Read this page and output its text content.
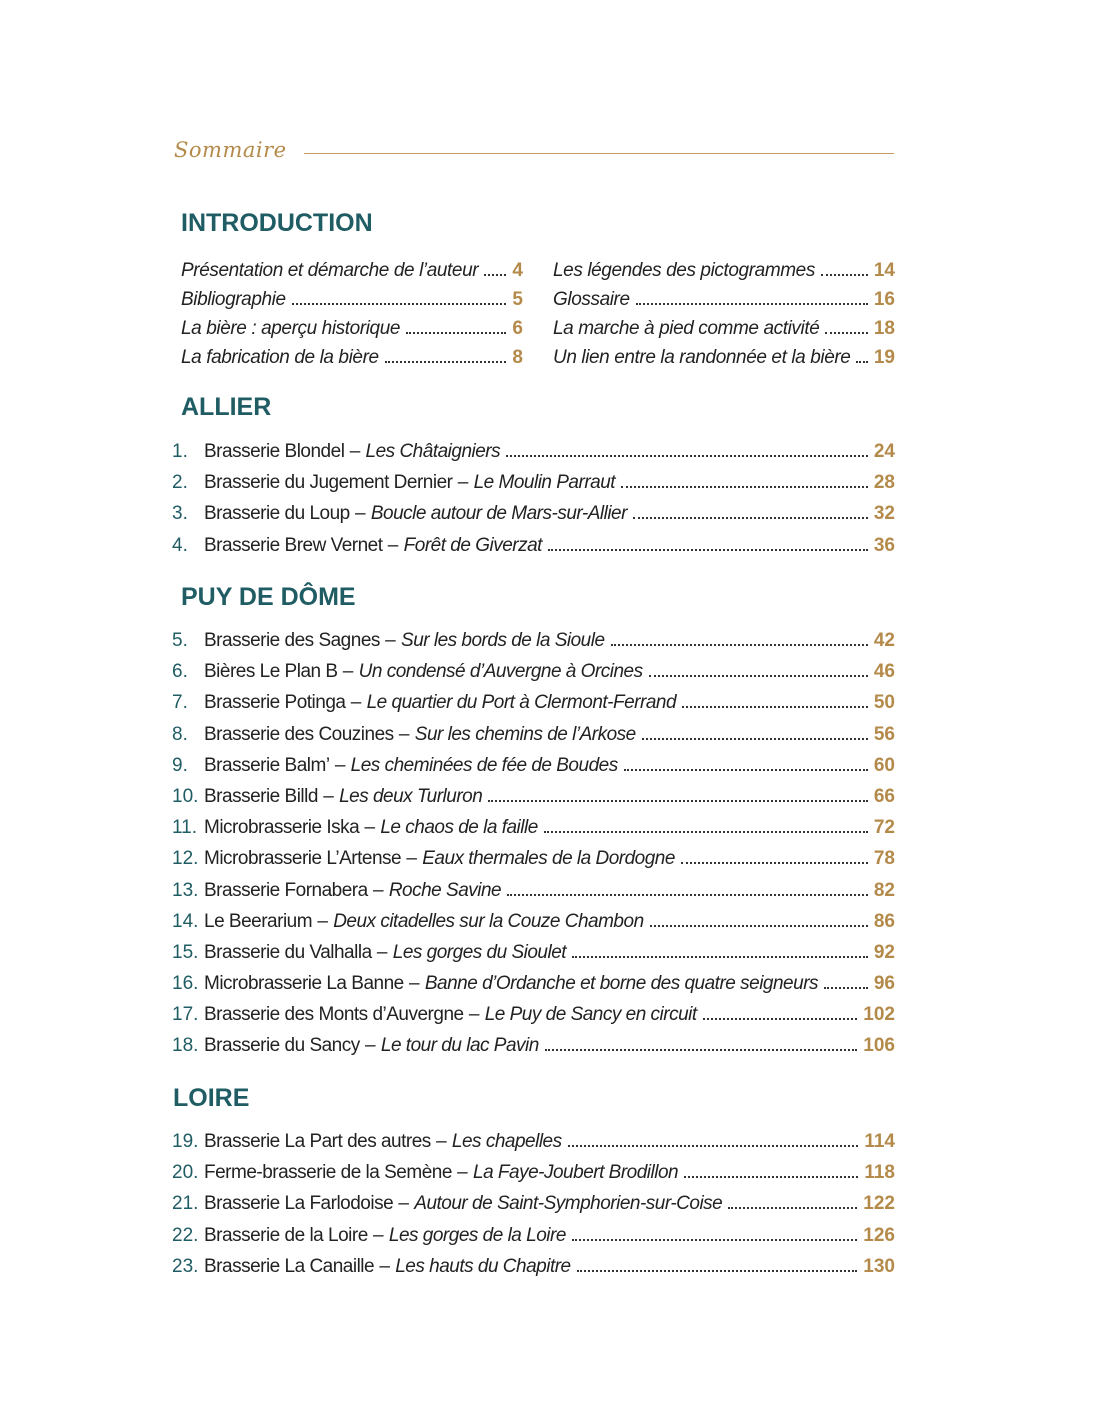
Sommaire
INTRODUCTION
Présentation et démarche de l’auteur 4
Bibliographie	5
La bière : aperçu historique	6
La fabrication de la bière	8
Les légendes des pictogrammes	14
Glossaire	16
La marche à pied comme activité	18
Un lien entre la randonnée et la bière 19
ALLIER
1. Brasserie Blondel – Les Châtaigniers	24
2. Brasserie du Jugement Dernier – Le Moulin Parraut	28
3. Brasserie du Loup – Boucle autour de Mars-sur-Allier	32
4. Brasserie Brew Vernet – Forêt de Giverzat	36
PUY DE DÔME
5. Brasserie des Sagnes – Sur les bords de la Sioule	42
6. Bières Le Plan B – Un condensé d’Auvergne à Orcines	46
7. Brasserie Potinga – Le quartier du Port à Clermont-Ferrand	50
8. Brasserie des Couzines – Sur les chemins de l’Arkose	56
9. Brasserie Balm’ – Les cheminées de fée de Boudes	60
10. Brasserie Billd – Les deux Turluron	66
11. Microbrasserie Iska – Le chaos de la faille	72
12. Microbrasserie L’Artense – Eaux thermales de la Dordogne	78
13. Brasserie Fornabera – Roche Savine	82
14. Le Beerarium – Deux citadelles sur la Couze Chambon	86
15. Brasserie du Valhalla – Les gorges du Sioulet	92
16. Microbrasserie La Banne – Banne d’Ordanche et borne des quatre seigneurs	96
17. Brasserie des Monts d’Auvergne – Le Puy de Sancy en circuit	102
18. Brasserie du Sancy – Le tour du lac Pavin	106
LOIRE
19. Brasserie La Part des autres – Les chapelles	114
20. Ferme-brasserie de la Semène – La Faye-Joubert Brodillon	118
21. Brasserie La Farlodoise – Autour de Saint-Symphorien-sur-Coise	122
22. Brasserie de la Loire – Les gorges de la Loire	126
23. Brasserie La Canaille – Les hauts du Chapitre	130
